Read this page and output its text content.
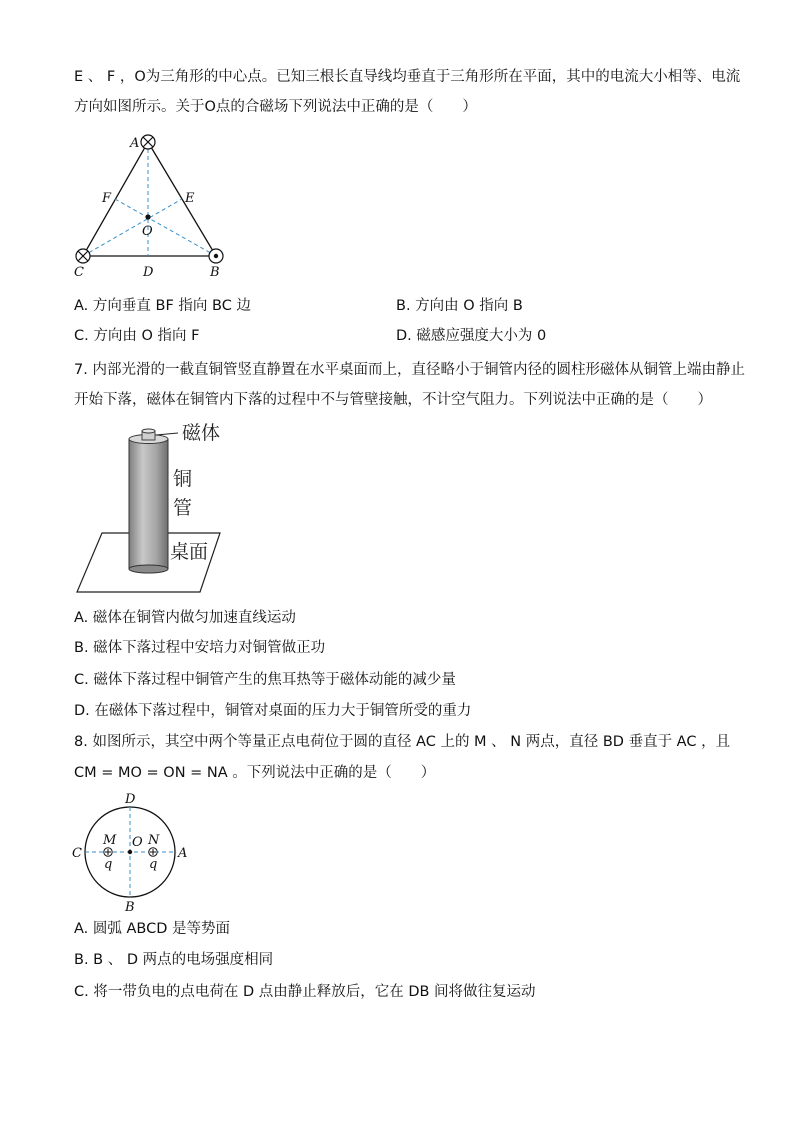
E 、 F ，O为三角形的中心点。已知三根长直导线均垂直于三角形所在平面，其中的电流大小相等、电流
方向如图所示。关于O点的合磁场下列说法中正确的是（　　）
A
F	E
O
C	D	B
A. 方向垂直 BF 指向 BC 边	B. 方向由 O 指向 B
C. 方向由 O 指向 F	D. 磁感应强度大小为 0
7. 内部光滑的一截直铜管竖直静置在水平桌面而上，直径略小于铜管内径的圆柱形磁体从铜管上端由静止
开始下落，磁体在铜管内下落的过程中不与管壁接触，不计空气阻力。下列说法中正确的是（　　）
磁体
铜
管
桌面
A. 磁体在铜管内做匀加速直线运动
B. 磁体下落过程中安培力对铜管做正功
C. 磁体下落过程中铜管产生的焦耳热等于磁体动能的减少量
D. 在磁体下落过程中，铜管对桌面的压力大于铜管所受的重力
8. 如图所示，其空中两个等量正点电荷位于圆的直径 AC 上的 M 、 N 两点，直径 BD 垂直于 AC ，且
CM = MO = ON = NA 。下列说法中正确的是（　　）
D
M O N
C	A
q	q
B
A. 圆弧 ABCD 是等势面
B. B 、 D 两点的电场强度相同
C. 将一带负电的点电荷在 D 点由静止释放后，它在 DB 间将做往复运动
